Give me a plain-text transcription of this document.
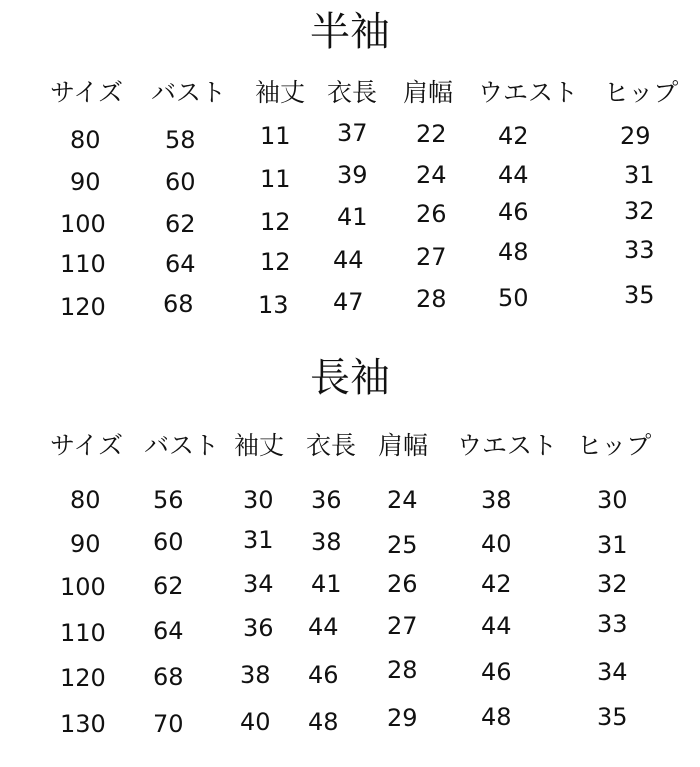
半袖
サイズ バスト 袖丈 衣長 肩幅 ウエスト ヒップ
80	58	11 37 22 42	29
90	60	11 39 24 44	31
100 62	12 41 26 46	32
110 64	12 44 27 48	33
120 68	13 47 28 50	35
長袖
サイズ バスト 袖丈 衣長 肩幅 ウエスト ヒップ
80 56 30 36 24	38	30
90 60 31 38 25	40	31
100 62 34 41 26	42	32
110 64 36 44 27	44	33
120 68 38 46 28	46	34
130 70 40 48 29	48	35
